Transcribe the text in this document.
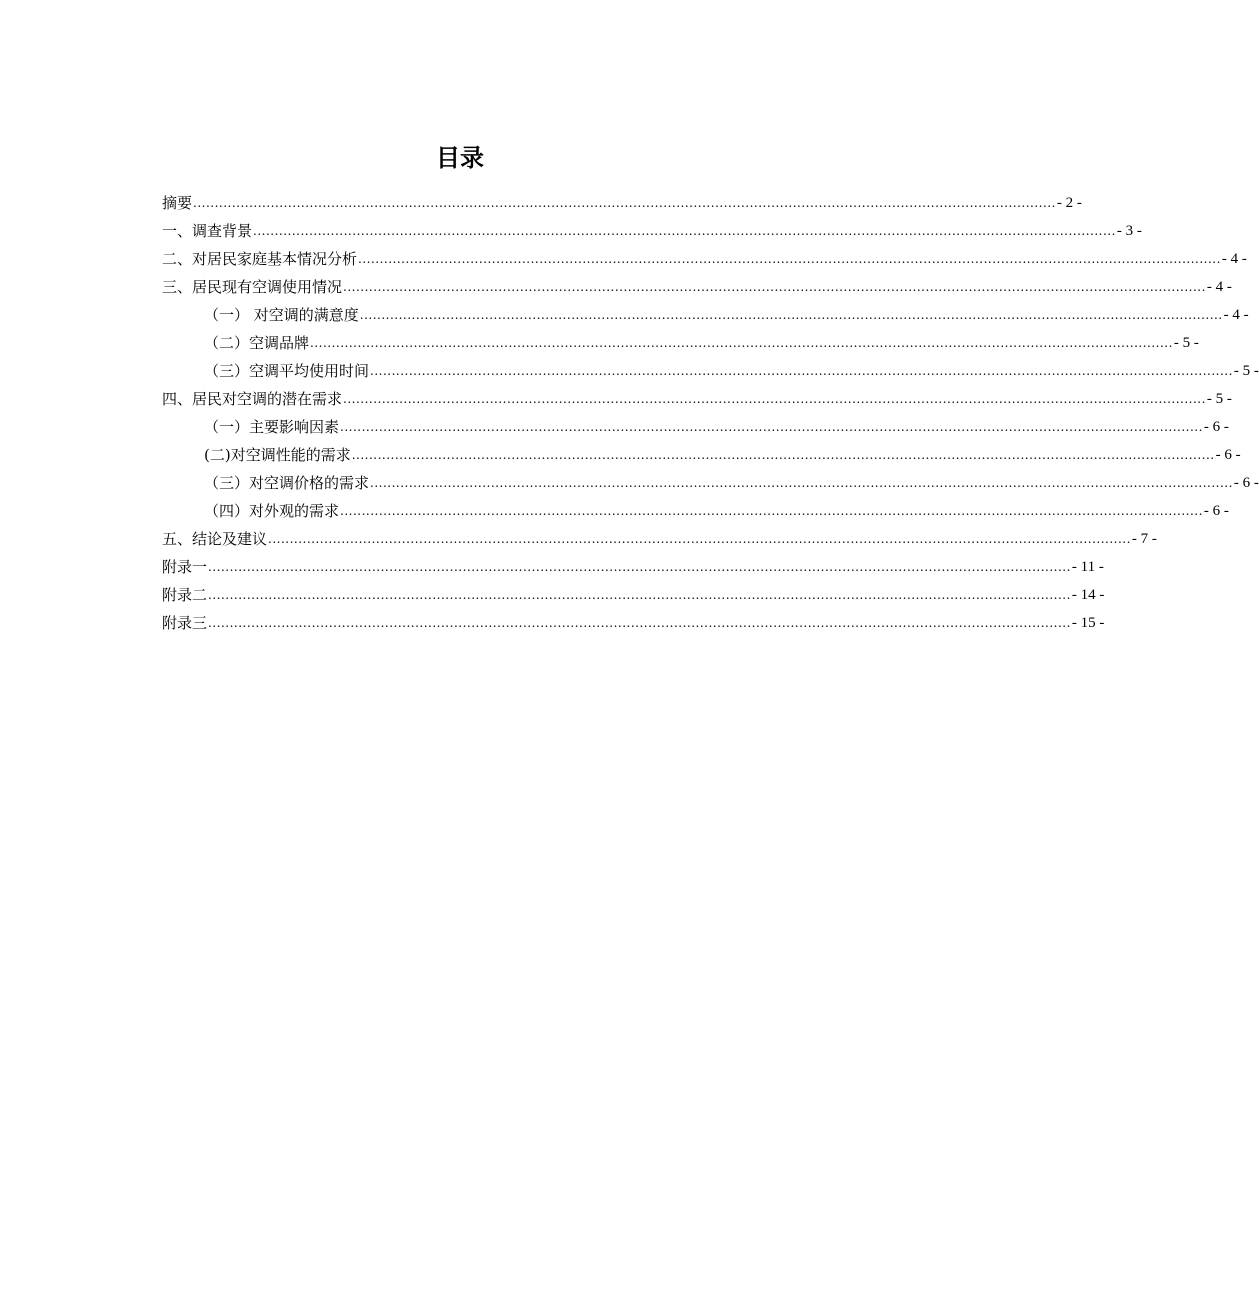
目录
摘要 ........................................................................................................................................................................................................ - 2 -
一、调查背景 ........................................................................................................................................................................................................ - 3 -
二、对居民家庭基本情况分析 ........................................................................................................................................................................................................ - 4 -
三、居民现有空调使用情况 ........................................................................................................................................................................................................ - 4 -
（一） 对空调的满意度 ........................................................................................................................................................................................................ - 4 -
（二）空调品牌 ........................................................................................................................................................................................................ - 5 -
（三）空调平均使用时间 ........................................................................................................................................................................................................ - 5 -
四、居民对空调的潜在需求 ........................................................................................................................................................................................................ - 5 -
（一）主要影响因素 ........................................................................................................................................................................................................ - 6 -
(二)对空调性能的需求 ........................................................................................................................................................................................................ - 6 -
（三）对空调价格的需求 ........................................................................................................................................................................................................ - 6 -
（四）对外观的需求 ........................................................................................................................................................................................................ - 6 -
五、结论及建议 ........................................................................................................................................................................................................ - 7 -
附录一 ........................................................................................................................................................................................................ - 11 -
附录二 ........................................................................................................................................................................................................ - 14 -
附录三 ........................................................................................................................................................................................................ - 15 -
